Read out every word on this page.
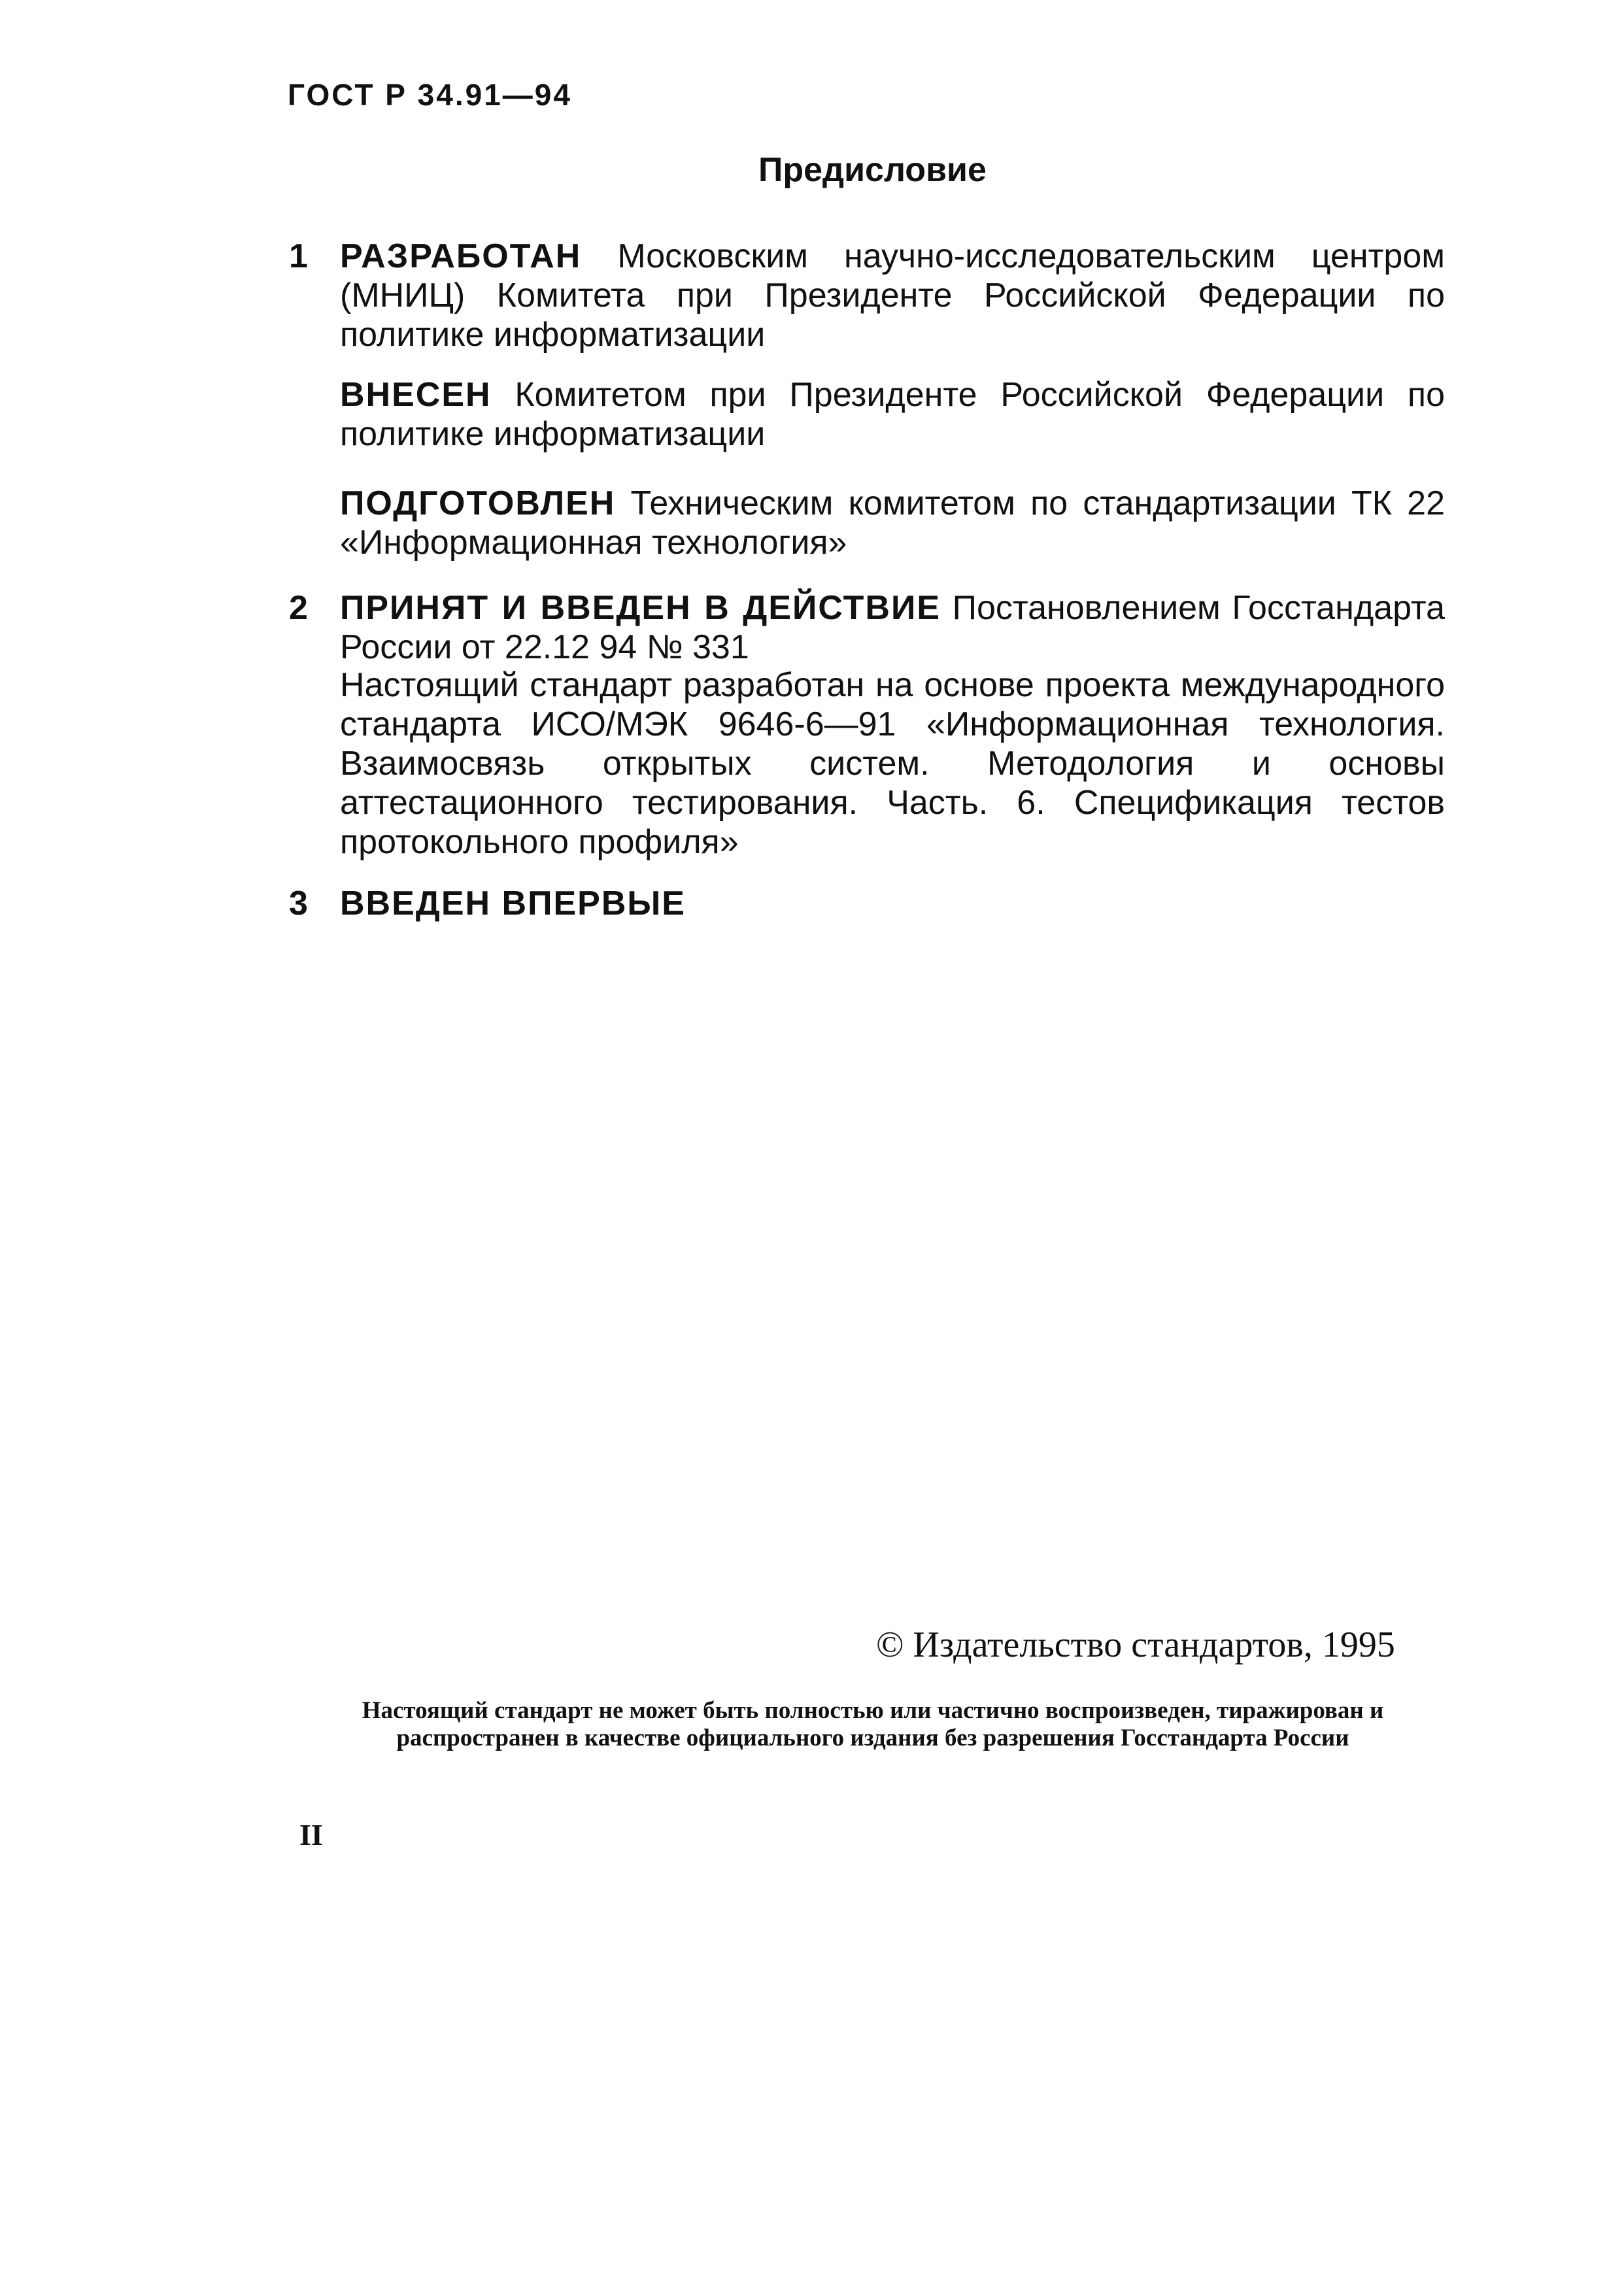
ГОСТ Р 34.91—94
Предисловие
1 РАЗРАБОТАН Московским научно-исследовательским центром (МНИЦ) Комитета при Президенте Российской Федерации по политике информатизации
ВНЕСЕН Комитетом при Президенте Российской Федерации по политике информатизации
ПОДГОТОВЛЕН Техническим комитетом по стандартизации ТК 22 «Информационная технология»
2 ПРИНЯТ И ВВЕДЕН В ДЕЙСТВИЕ Постановлением Госстандарта России от 22.12 94 № 331
Настоящий стандарт разработан на основе проекта международного стандарта ИСО/МЭК 9646-6—91 «Информационная технология. Взаимосвязь открытых систем. Методология и основы аттестационного тестирования. Часть. 6. Спецификация тестов протокольного профиля»
3 ВВЕДЕН ВПЕРВЫЕ
© Издательство стандартов, 1995
Настоящий стандарт не может быть полностью или частично воспроизведен, тиражирован и распространен в качестве официального издания без разрешения Госстандарта России
II
